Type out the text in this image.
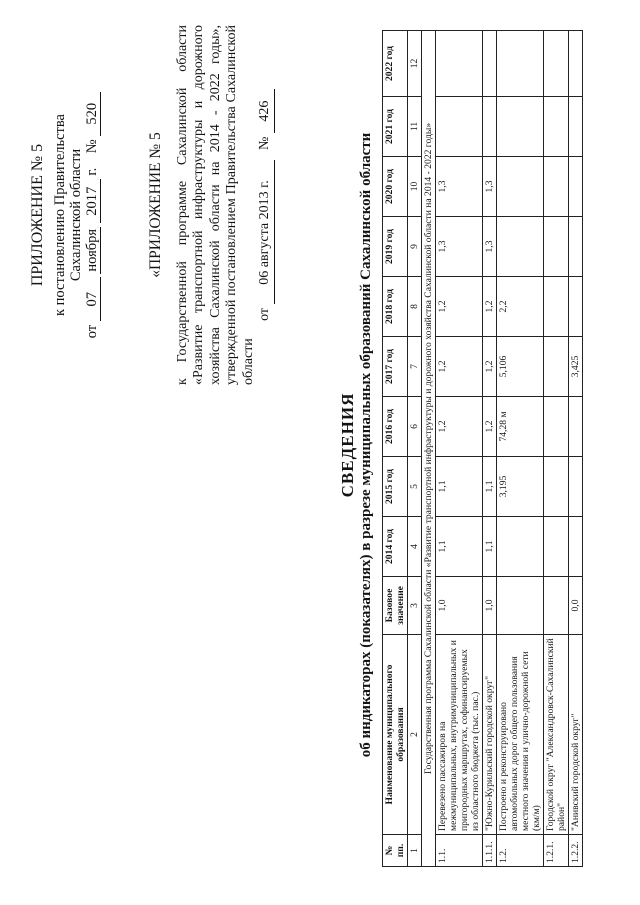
ПРИЛОЖЕНИЕ № 5 к постановлению Правительства Сахалинской области
от 07 ноября 2017 г.    № 520
«ПРИЛОЖЕНИЕ № 5 к Государственной программе Сахалинской области «Развитие транспортной инфраструктуры и дорожного хозяйства Сахалинской области на 2014 - 2022 годы», утвержденной постановлением Правительства Сахалинской области
от 06 августа 2013 г.   № 426
СВЕДЕНИЯ об индикаторах (показателях) в разрезе муниципальных образований Сахалинской области
№ пп.	Наименование муниципального образования	Базовое значение	2014 год	2015 год	2016 год	2017 год	2018 год	2019 год	2020 год	2021 год	2022 год
1	2	3	4	5	6	7	8	9	10	11	12
Государственная программа Сахалинской области «Развитие транспортной инфраструктуры и дорожного хозяйства Сахалинской области на 2014 - 2022 годы»											
1.1.	Перевезено пассажиров на межмуниципальных, внутримуниципальных и пригородных маршрутах, софинансируемых из областного бюджета (тыс. пас.)	1,0	1,1	1,1	1,2	1,2	1,2	1,3	1,3		
1.1.1.	"Южно-Курильский городской округ"	1,0	1,1	1,1	1,2	1,2	1,2	1,3	1,3		
1.2.	Построено и реконструировано автомобильных дорог общего пользования местного значения и улично-дорожной сети (км/м)			3,195	74,28 м	5,106	2,2				
1.2.1.	Городской округ "Александровск-Сахалинский район"										
1.2.2.	"Анивский городской округ"	0,0				3,425					
